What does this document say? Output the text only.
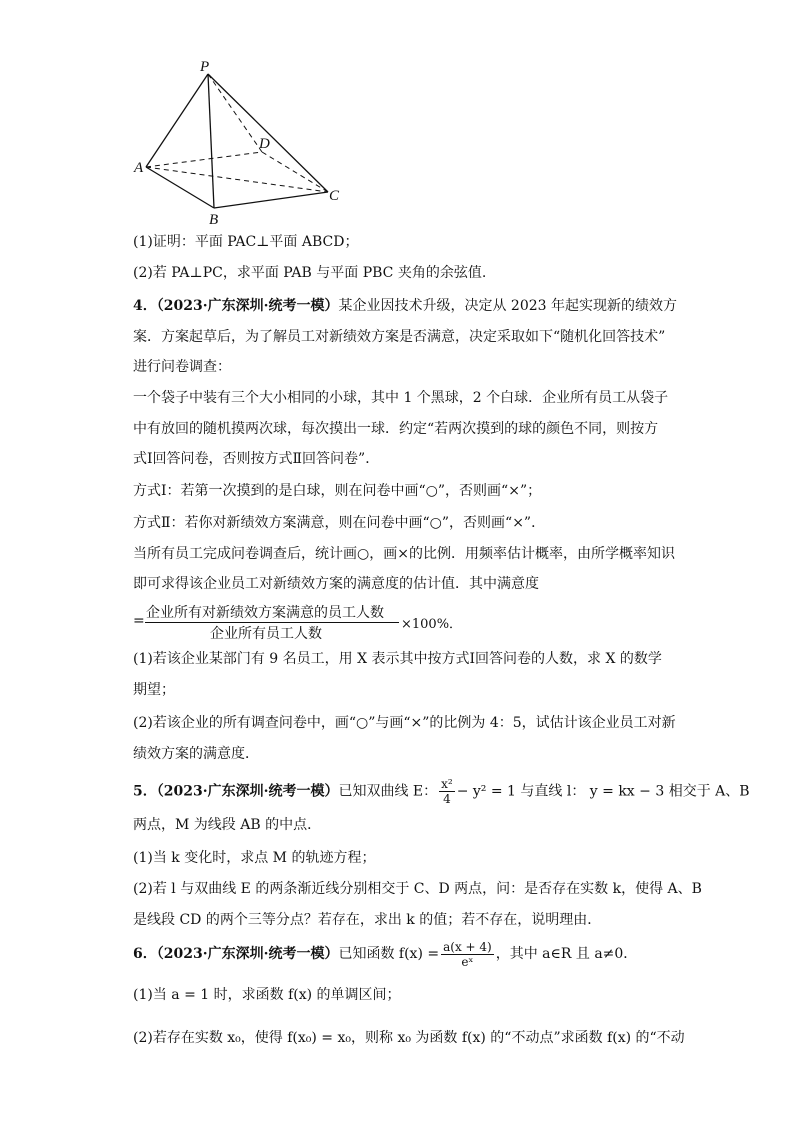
P
A
B
C
D
(1)证明：平面 PAC⊥平面 ABCD；
(2)若 PA⊥PC，求平面 PAB 与平面 PBC 夹角的余弦值.
4．（2023·广东深圳·统考一模）某企业因技术升级，决定从 2023 年起实现新的绩效方
案．方案起草后，为了解员工对新绩效方案是否满意，决定采取如下“随机化回答技术”
进行问卷调查：
一个袋子中装有三个大小相同的小球，其中 1 个黑球，2 个白球．企业所有员工从袋子
中有放回的随机摸两次球，每次摸出一球．约定“若两次摸到的球的颜色不同，则按方
式Ⅰ回答问卷，否则按方式Ⅱ回答问卷”．
方式Ⅰ：若第一次摸到的是白球，则在问卷中画“○”，否则画“×”；
方式Ⅱ：若你对新绩效方案满意，则在问卷中画“○”，否则画“×”．
当所有员工完成问卷调查后，统计画○，画×的比例．用频率估计概率，由所学概率知识
即可求得该企业员工对新绩效方案的满意度的估计值．其中满意度
= 企业所有对新绩效方案满意的员工人数
企业所有员工人数
×100%．
(1)若该企业某部门有 9 名员工，用 X 表示其中按方式Ⅰ回答问卷的人数，求 X 的数学
期望；
(2)若该企业的所有调查问卷中，画“○”与画“×”的比例为 4：5，试估计该企业员工对新
绩效方案的满意度．
5．（2023·广东深圳·统考一模）已知双曲线 E： $\frac{\text{x²}}{4} - y^2 = 1$ 与直线 l： y = kx − 3 相交于 A、B
两点，M 为线段 AB 的中点．
(1)当 k 变化时，求点 M 的轨迹方程；
(2)若 l 与双曲线 E 的两条渐近线分别相交于 C、D 两点，问：是否存在实数 k，使得 A、B
是线段 CD 的两个三等分点？若存在，求出 k 的值；若不存在，说明理由．
6．（2023·广东深圳·统考一模）已知函数 $f(x) = \frac{a(x + 4)}{\text{eˣ}}$ ，其中 a∈R 且 a≠0．
(1)当 a = 1 时，求函数 f(x) 的单调区间；
(2)若存在实数 x₀，使得 f(x₀) = x₀，则称 x₀ 为函数 f(x) 的“不动点”求函数 f(x) 的“不动
